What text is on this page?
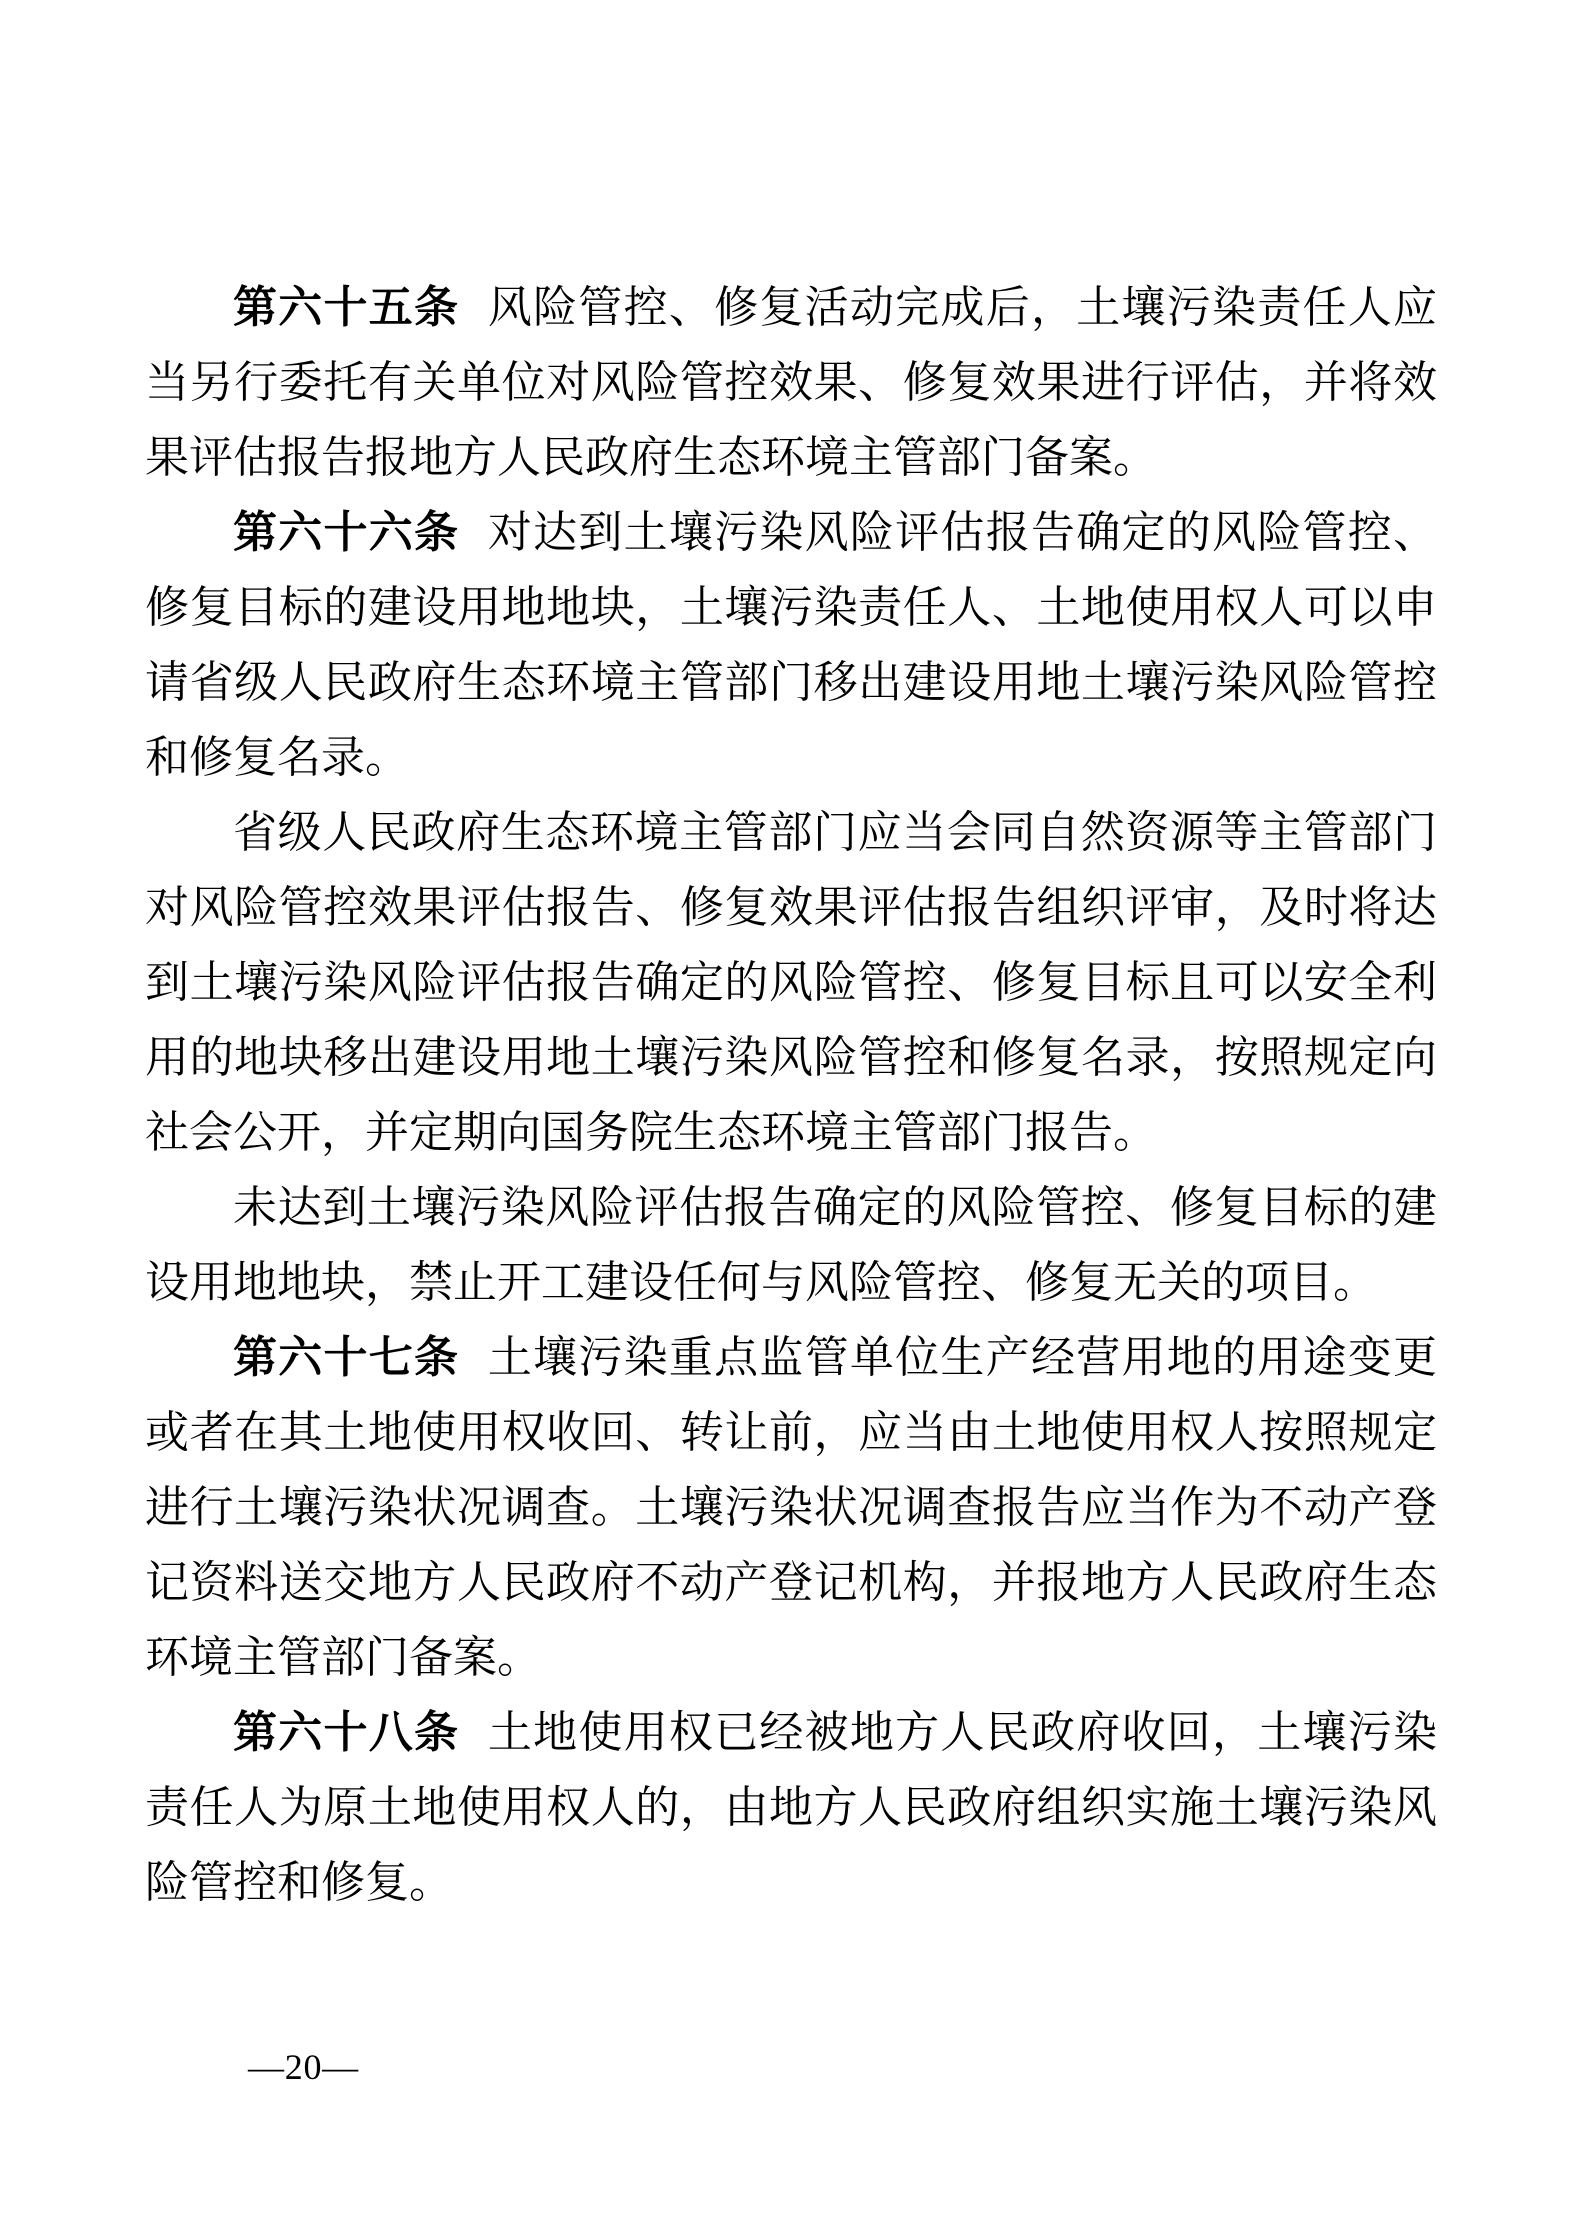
第六十五条 风险管控、修复活动完成后，土壤污染责任人应当另行委托有关单位对风险管控效果、修复效果进行评估，并将效果评估报告报地方人民政府生态环境主管部门备案。

第六十六条 对达到土壤污染风险评估报告确定的风险管控、修复目标的建设用地地块，土壤污染责任人、土地使用权人可以申请省级人民政府生态环境主管部门移出建设用地土壤污染风险管控和修复名录。

省级人民政府生态环境主管部门应当会同自然资源等主管部门对风险管控效果评估报告、修复效果评估报告组织评审，及时将达到土壤污染风险评估报告确定的风险管控、修复目标且可以安全利用的地块移出建设用地土壤污染风险管控和修复名录，按照规定向社会公开，并定期向国务院生态环境主管部门报告。

未达到土壤污染风险评估报告确定的风险管控、修复目标的建设用地地块，禁止开工建设任何与风险管控、修复无关的项目。

第六十七条 土壤污染重点监管单位生产经营用地的用途变更或者在其土地使用权收回、转让前，应当由土地使用权人按照规定进行土壤污染状况调查。土壤污染状况调查报告应当作为不动产登记资料送交地方人民政府不动产登记机构，并报地方人民政府生态环境主管部门备案。

第六十八条 土地使用权已经被地方人民政府收回，土壤污染责任人为原土地使用权人的，由地方人民政府组织实施土壤污染风险管控和修复。

—20—
